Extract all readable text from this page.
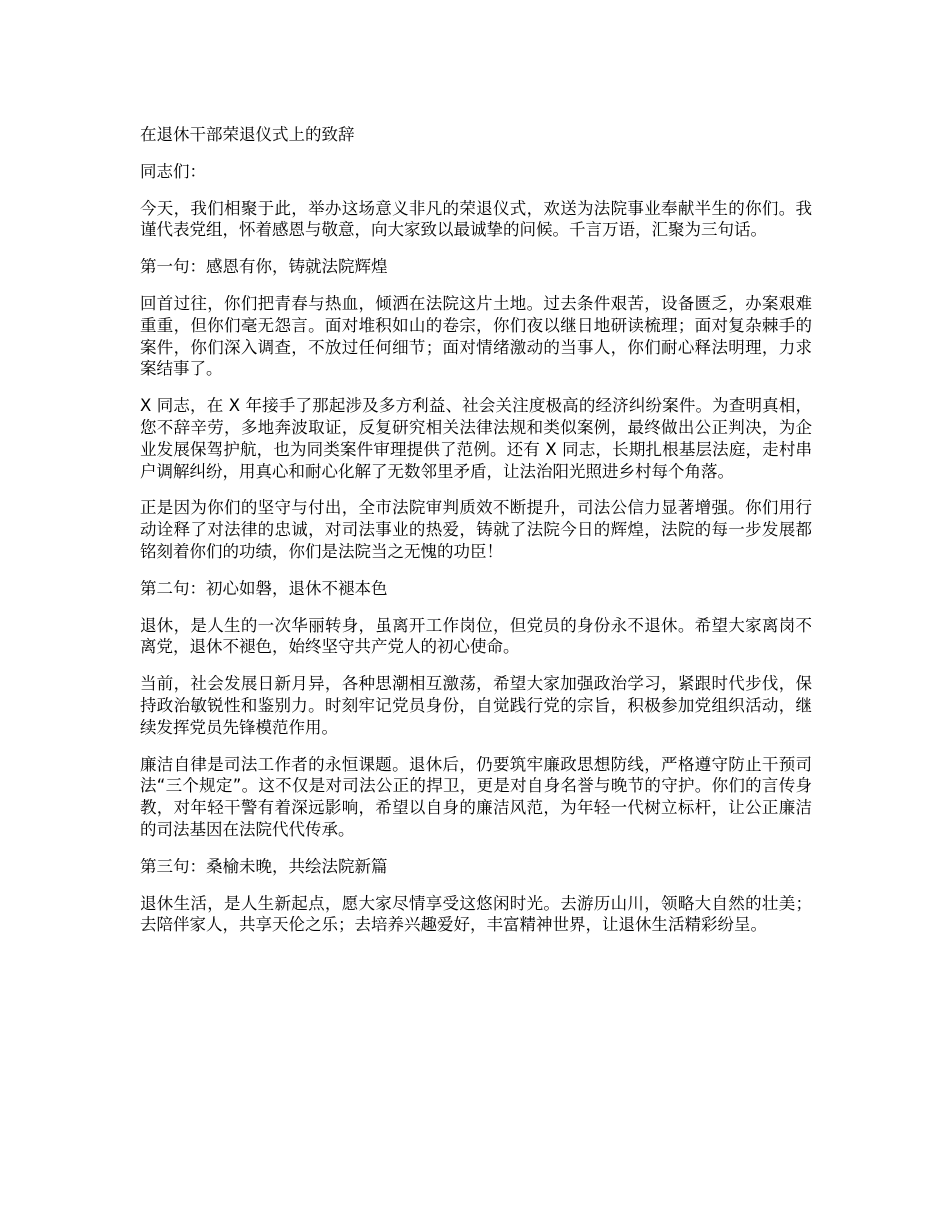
在退休干部荣退仪式上的致辞

同志们：

今天，我们相聚于此，举办这场意义非凡的荣退仪式，欢送为法院事业奉献半生的你们。我谨代表党组，怀着感恩与敬意，向大家致以最诚挚的问候。千言万语，汇聚为三句话。

第一句：感恩有你，铸就法院辉煌

回首过往，你们把青春与热血，倾洒在法院这片土地。过去条件艰苦，设备匮乏，办案艰难重重，但你们毫无怨言。面对堆积如山的卷宗，你们夜以继日地研读梳理；面对复杂棘手的案件，你们深入调查，不放过任何细节；面对情绪激动的当事人，你们耐心释法明理，力求案结事了。

X 同志，在 X 年接手了那起涉及多方利益、社会关注度极高的经济纠纷案件。为查明真相，您不辞辛劳，多地奔波取证，反复研究相关法律法规和类似案例，最终做出公正判决，为企业发展保驾护航，也为同类案件审理提供了范例。还有 X 同志，长期扎根基层法庭，走村串户调解纠纷，用真心和耐心化解了无数邻里矛盾，让法治阳光照进乡村每个角落。

正是因为你们的坚守与付出，全市法院审判质效不断提升，司法公信力显著增强。你们用行动诠释了对法律的忠诚，对司法事业的热爱，铸就了法院今日的辉煌，法院的每一步发展都铭刻着你们的功绩，你们是法院当之无愧的功臣！

第二句：初心如磐，退休不褪本色

退休，是人生的一次华丽转身，虽离开工作岗位，但党员的身份永不退休。希望大家离岗不离党，退休不褪色，始终坚守共产党人的初心使命。

当前，社会发展日新月异，各种思潮相互激荡，希望大家加强政治学习，紧跟时代步伐，保持政治敏锐性和鉴别力。时刻牢记党员身份，自觉践行党的宗旨，积极参加党组织活动，继续发挥党员先锋模范作用。

廉洁自律是司法工作者的永恒课题。退休后，仍要筑牢廉政思想防线，严格遵守防止干预司法“三个规定”。这不仅是对司法公正的捍卫，更是对自身名誉与晚节的守护。你们的言传身教，对年轻干警有着深远影响，希望以自身的廉洁风范，为年轻一代树立标杆，让公正廉洁的司法基因在法院代代传承。

第三句：桑榆未晚，共绘法院新篇

退休生活，是人生新起点，愿大家尽情享受这悠闲时光。去游历山川，领略大自然的壮美；去陪伴家人，共享天伦之乐；去培养兴趣爱好，丰富精神世界，让退休生活精彩纷呈。
